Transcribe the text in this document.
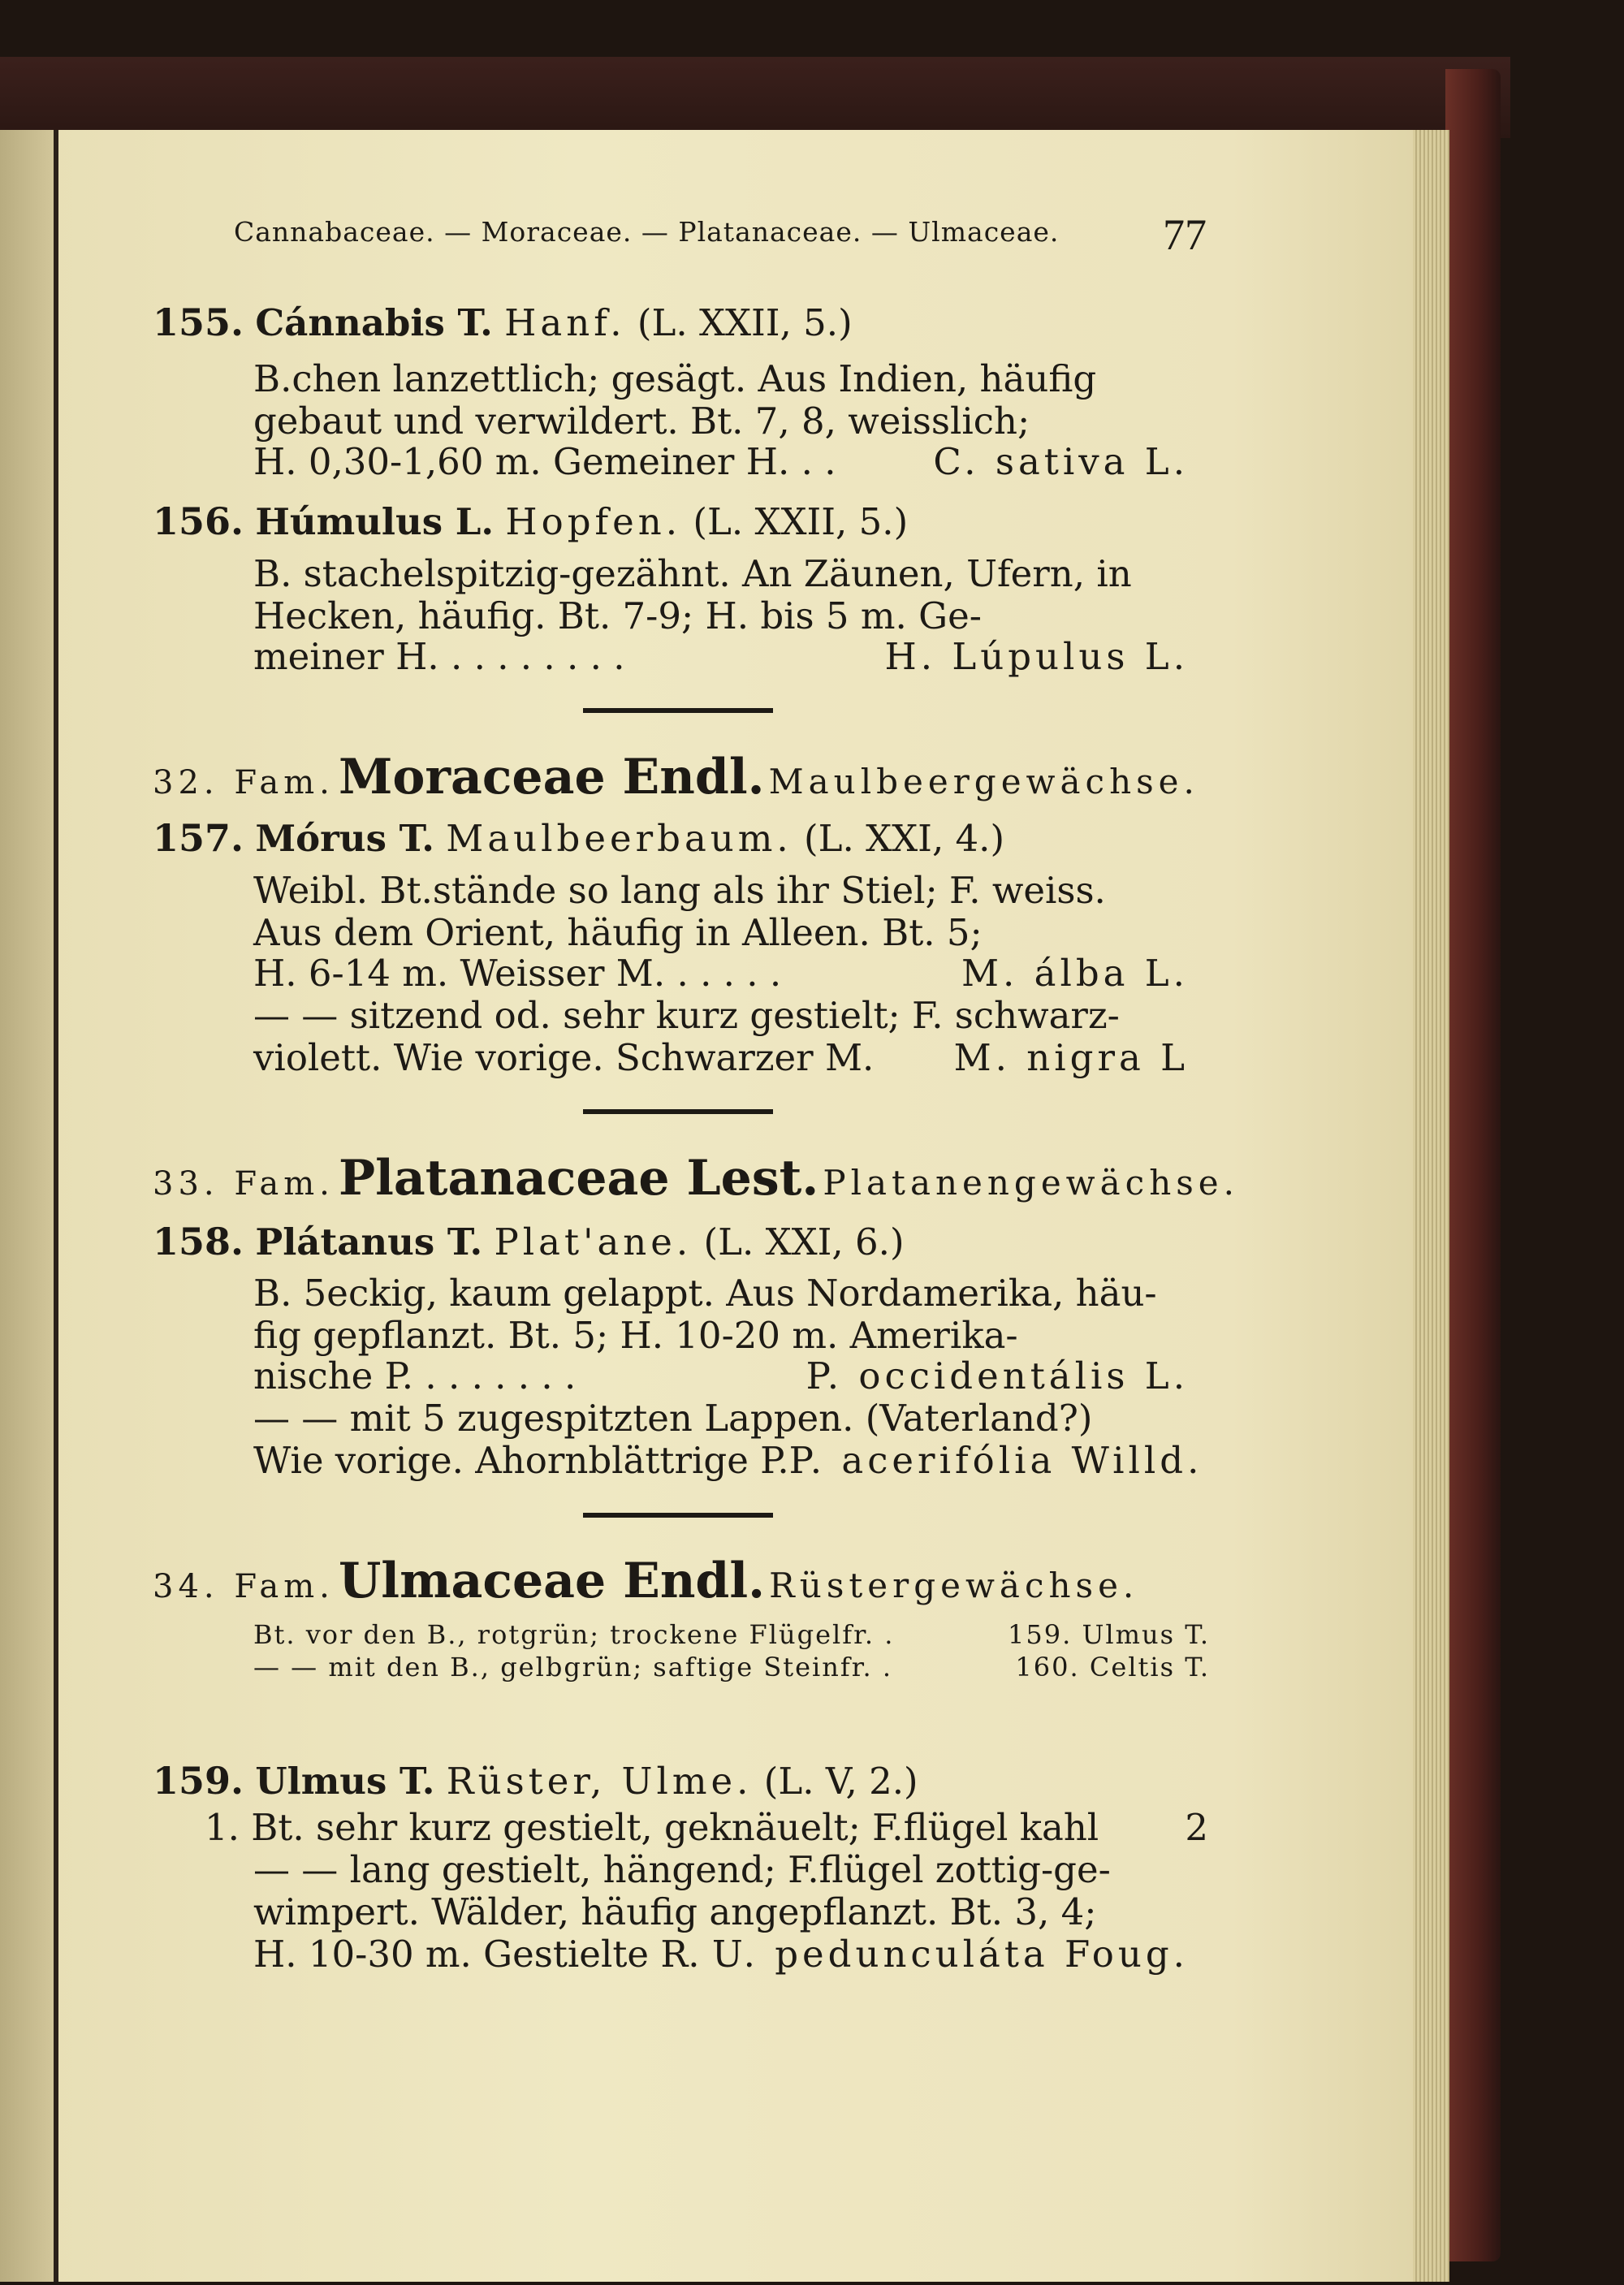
Cannabaceae. — Moraceae. — Platanaceae. — Ulmaceae. 77
155. Cánnabis T. Hanf. (L. XXII, 5.)
B.chen lanzettlich; gesägt. Aus Indien, häufig
gebaut und verwildert. Bt. 7, 8, weisslich;
H. 0,30-1,60 m. Gemeiner H. . .	C. sativa L.
156. Húmulus L. Hopfen. (L. XXII, 5.)
B. stachelspitzig-gezähnt. An Zäunen, Ufern, in
Hecken, häufig. Bt. 7-9; H. bis 5 m. Ge-
meiner H. . . . . . . . .	H. Lúpulus L.
32. Fam. Moraceae Endl. Maulbeergewächse.
157. Mórus T. Maulbeerbaum. (L. XXI, 4.)
Weibl. Bt.stände so lang als ihr Stiel; F. weiss.
Aus dem Orient, häufig in Alleen. Bt. 5;
H. 6-14 m. Weisser M. . . . . .	M. álba L.
— — sitzend od. sehr kurz gestielt; F. schwarz-
violett. Wie vorige. Schwarzer M. M. nigra L
33. Fam. Platanaceae Lest. Platanengewächse.
158. Plátanus T. Plat'ane. (L. XXI, 6.)
B. 5eckig, kaum gelappt. Aus Nordamerika, häu-
fig gepflanzt. Bt. 5; H. 10-20 m. Amerika-
nische P. . . . . . . .	P. occidentális L.
— — mit 5 zugespitzten Lappen. (Vaterland?)
Wie vorige. Ahornblättrige P. P. acerifólia Willd.
34. Fam. Ulmaceae Endl. Rüstergewächse.
Bt. vor den B., rotgrün; trockene Flügelfr. .	159. Ulmus T.
— — mit den B., gelbgrün; saftige Steinfr. .	160. Celtis T.
159. Ulmus T. Rüster, Ulme. (L. V, 2.)
1. Bt. sehr kurz gestielt, geknäuelt; F.flügel kahl 2
— — lang gestielt, hängend; F.flügel zottig-ge-
wimpert. Wälder, häufig angepflanzt. Bt. 3, 4;
H. 10-30 m. Gestielte R. U. pedunculáta Foug.
